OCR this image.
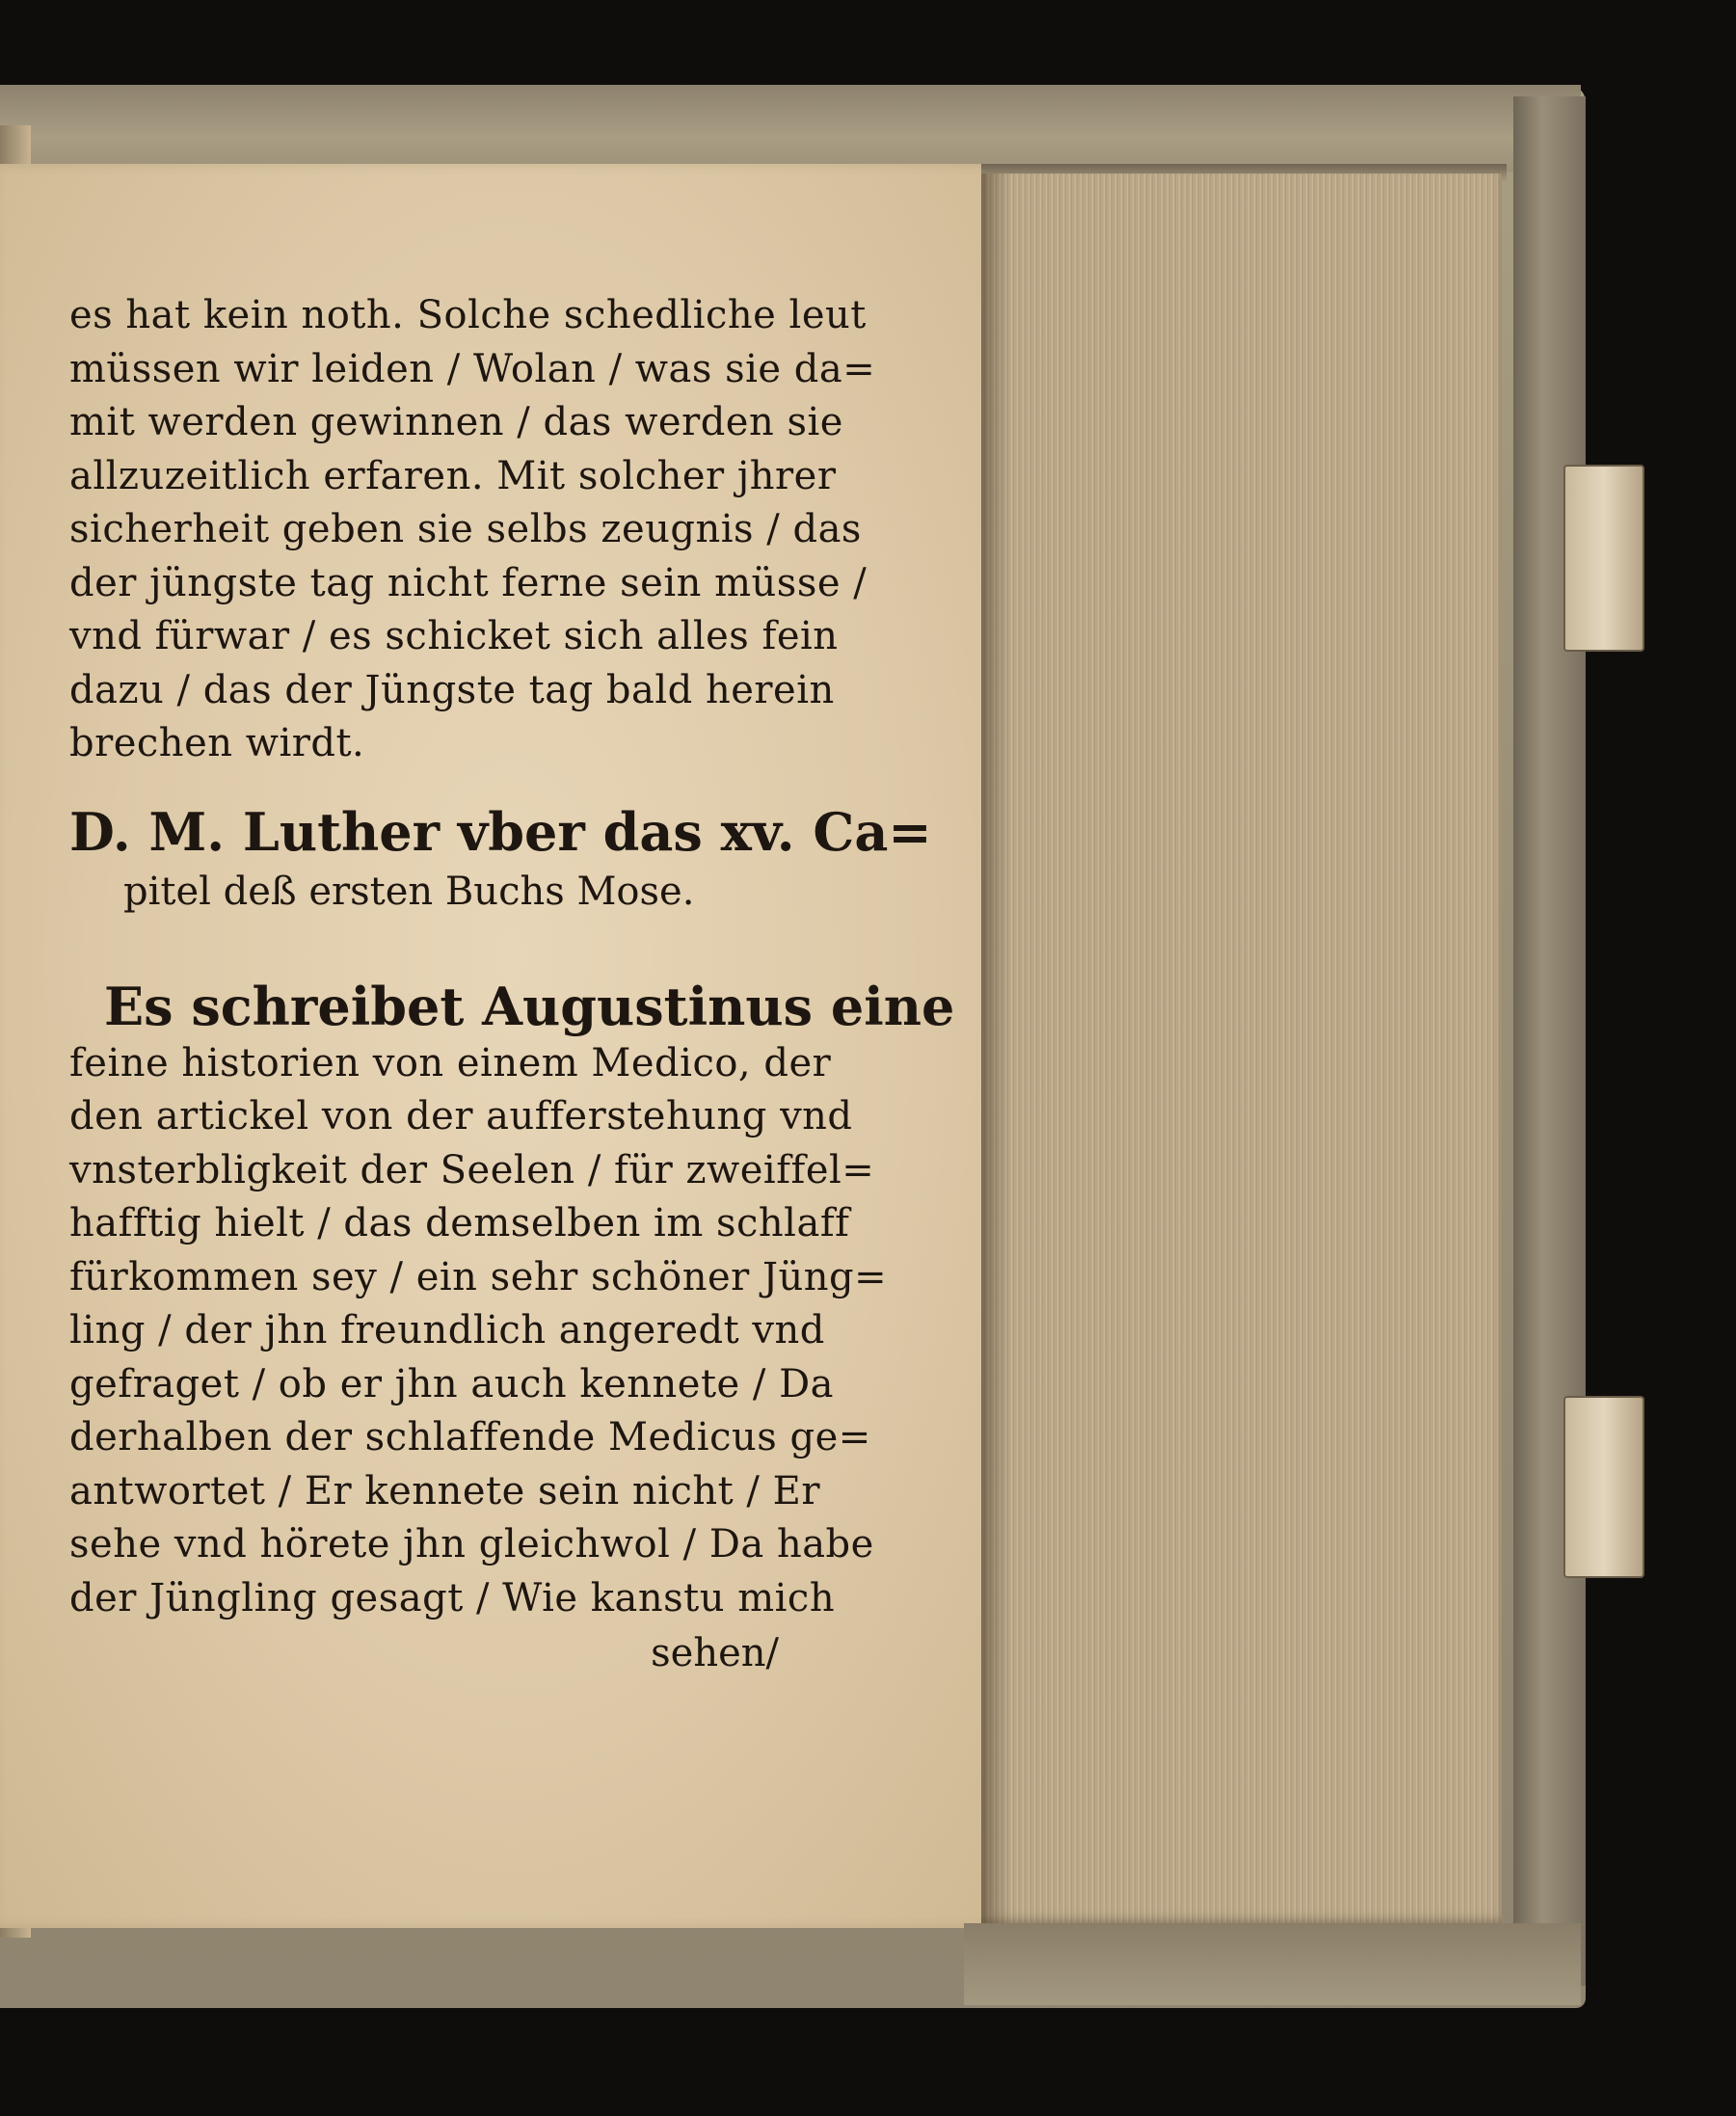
es hat kein noth. Solche schedliche leut
müssen wir leiden / Wolan / was sie da=
mit werden gewinnen / das werden sie
allzuzeitlich erfaren. Mit solcher jhrer
sicherheit geben sie selbs zeugnis / das
der jüngste tag nicht ferne sein müsse /
vnd fürwar / es schicket sich alles fein
dazu / das der Jüngste tag bald herein
brechen wirdt.
D. M. Luther vber das xv. Ca=
pitel deß ersten Buchs Mose.
Es schreibet Augustinus eine
feine historien von einem Medico, der
den artickel von der aufferstehung vnd
vnsterbligkeit der Seelen / für zweiffel=
hafftig hielt / das demselben im schlaff
fürkommen sey / ein sehr schöner Jüng=
ling / der jhn freundlich angeredt vnd
gefraget / ob er jhn auch kennete / Da
derhalben der schlaffende Medicus ge=
antwortet / Er kennete sein nicht / Er
sehe vnd hörete jhn gleichwol / Da habe
der Jüngling gesagt / Wie kanstu mich
sehen/
